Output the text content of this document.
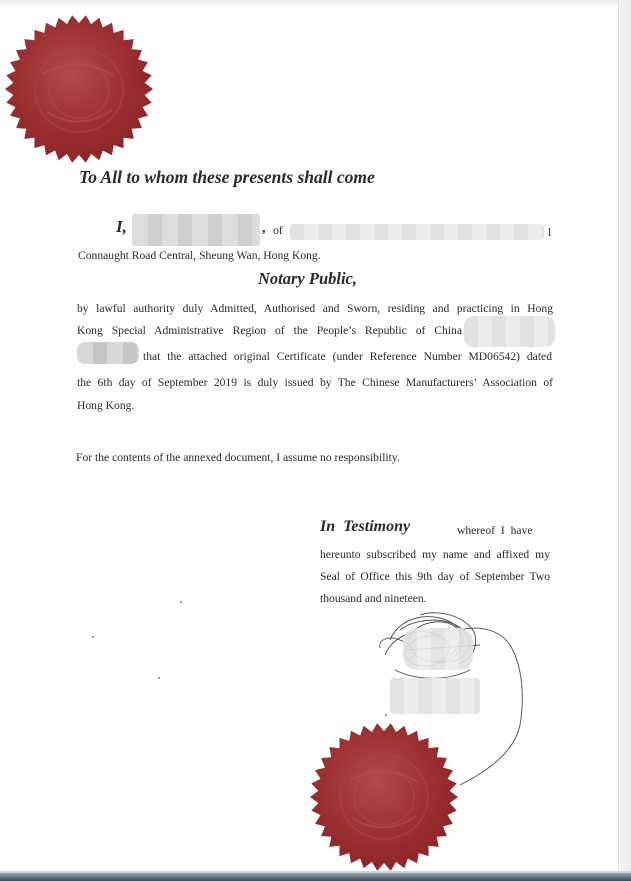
To All to whom these presents shall come
I,	, of	l
Connaught Road Central, Sheung Wan, Hong Kong.
Notary Public,
by lawful authority duly Admitted, Authorised and Sworn, residing and practicing in Hong
Kong Special Administrative Region of the People’s Republic of China
that the attached original Certificate (under Reference Number MD06542) dated
the 6th day of September 2019 is duly issued by The Chinese Manufacturers’ Association of
Hong Kong.
For the contents of the annexed document, I assume no responsibility.
In Testimony	whereof I have
hereunto subscribed my name and affixed my
Seal of Office this 9th day of September Two
thousand and nineteen.
